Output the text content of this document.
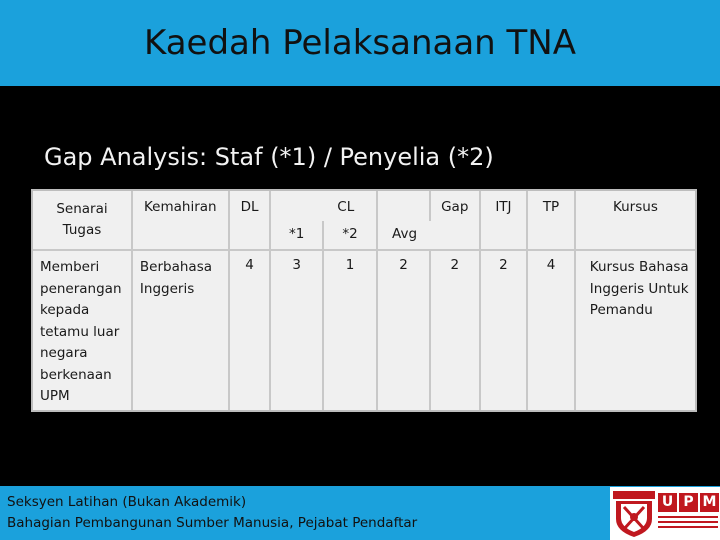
Kaedah Pelaksanaan TNA
Gap Analysis: Staf (*1) / Penyelia (*2)
Senarai Tugas	Kemahiran	DL	CL			Gap	ITJ	TP	Kursus
			*1	*2	Avg				
Memberi penerangan kepada tetamu luar negara berkenaan UPM	Berbahasa Inggeris	4	3	1	2	2	2	4	Kursus Bahasa Inggeris Untuk Pemandu
Seksyen Latihan (Bukan Akademik)
Bahagian Pembangunan Sumber Manusia, Pejabat Pendaftar
U P M
